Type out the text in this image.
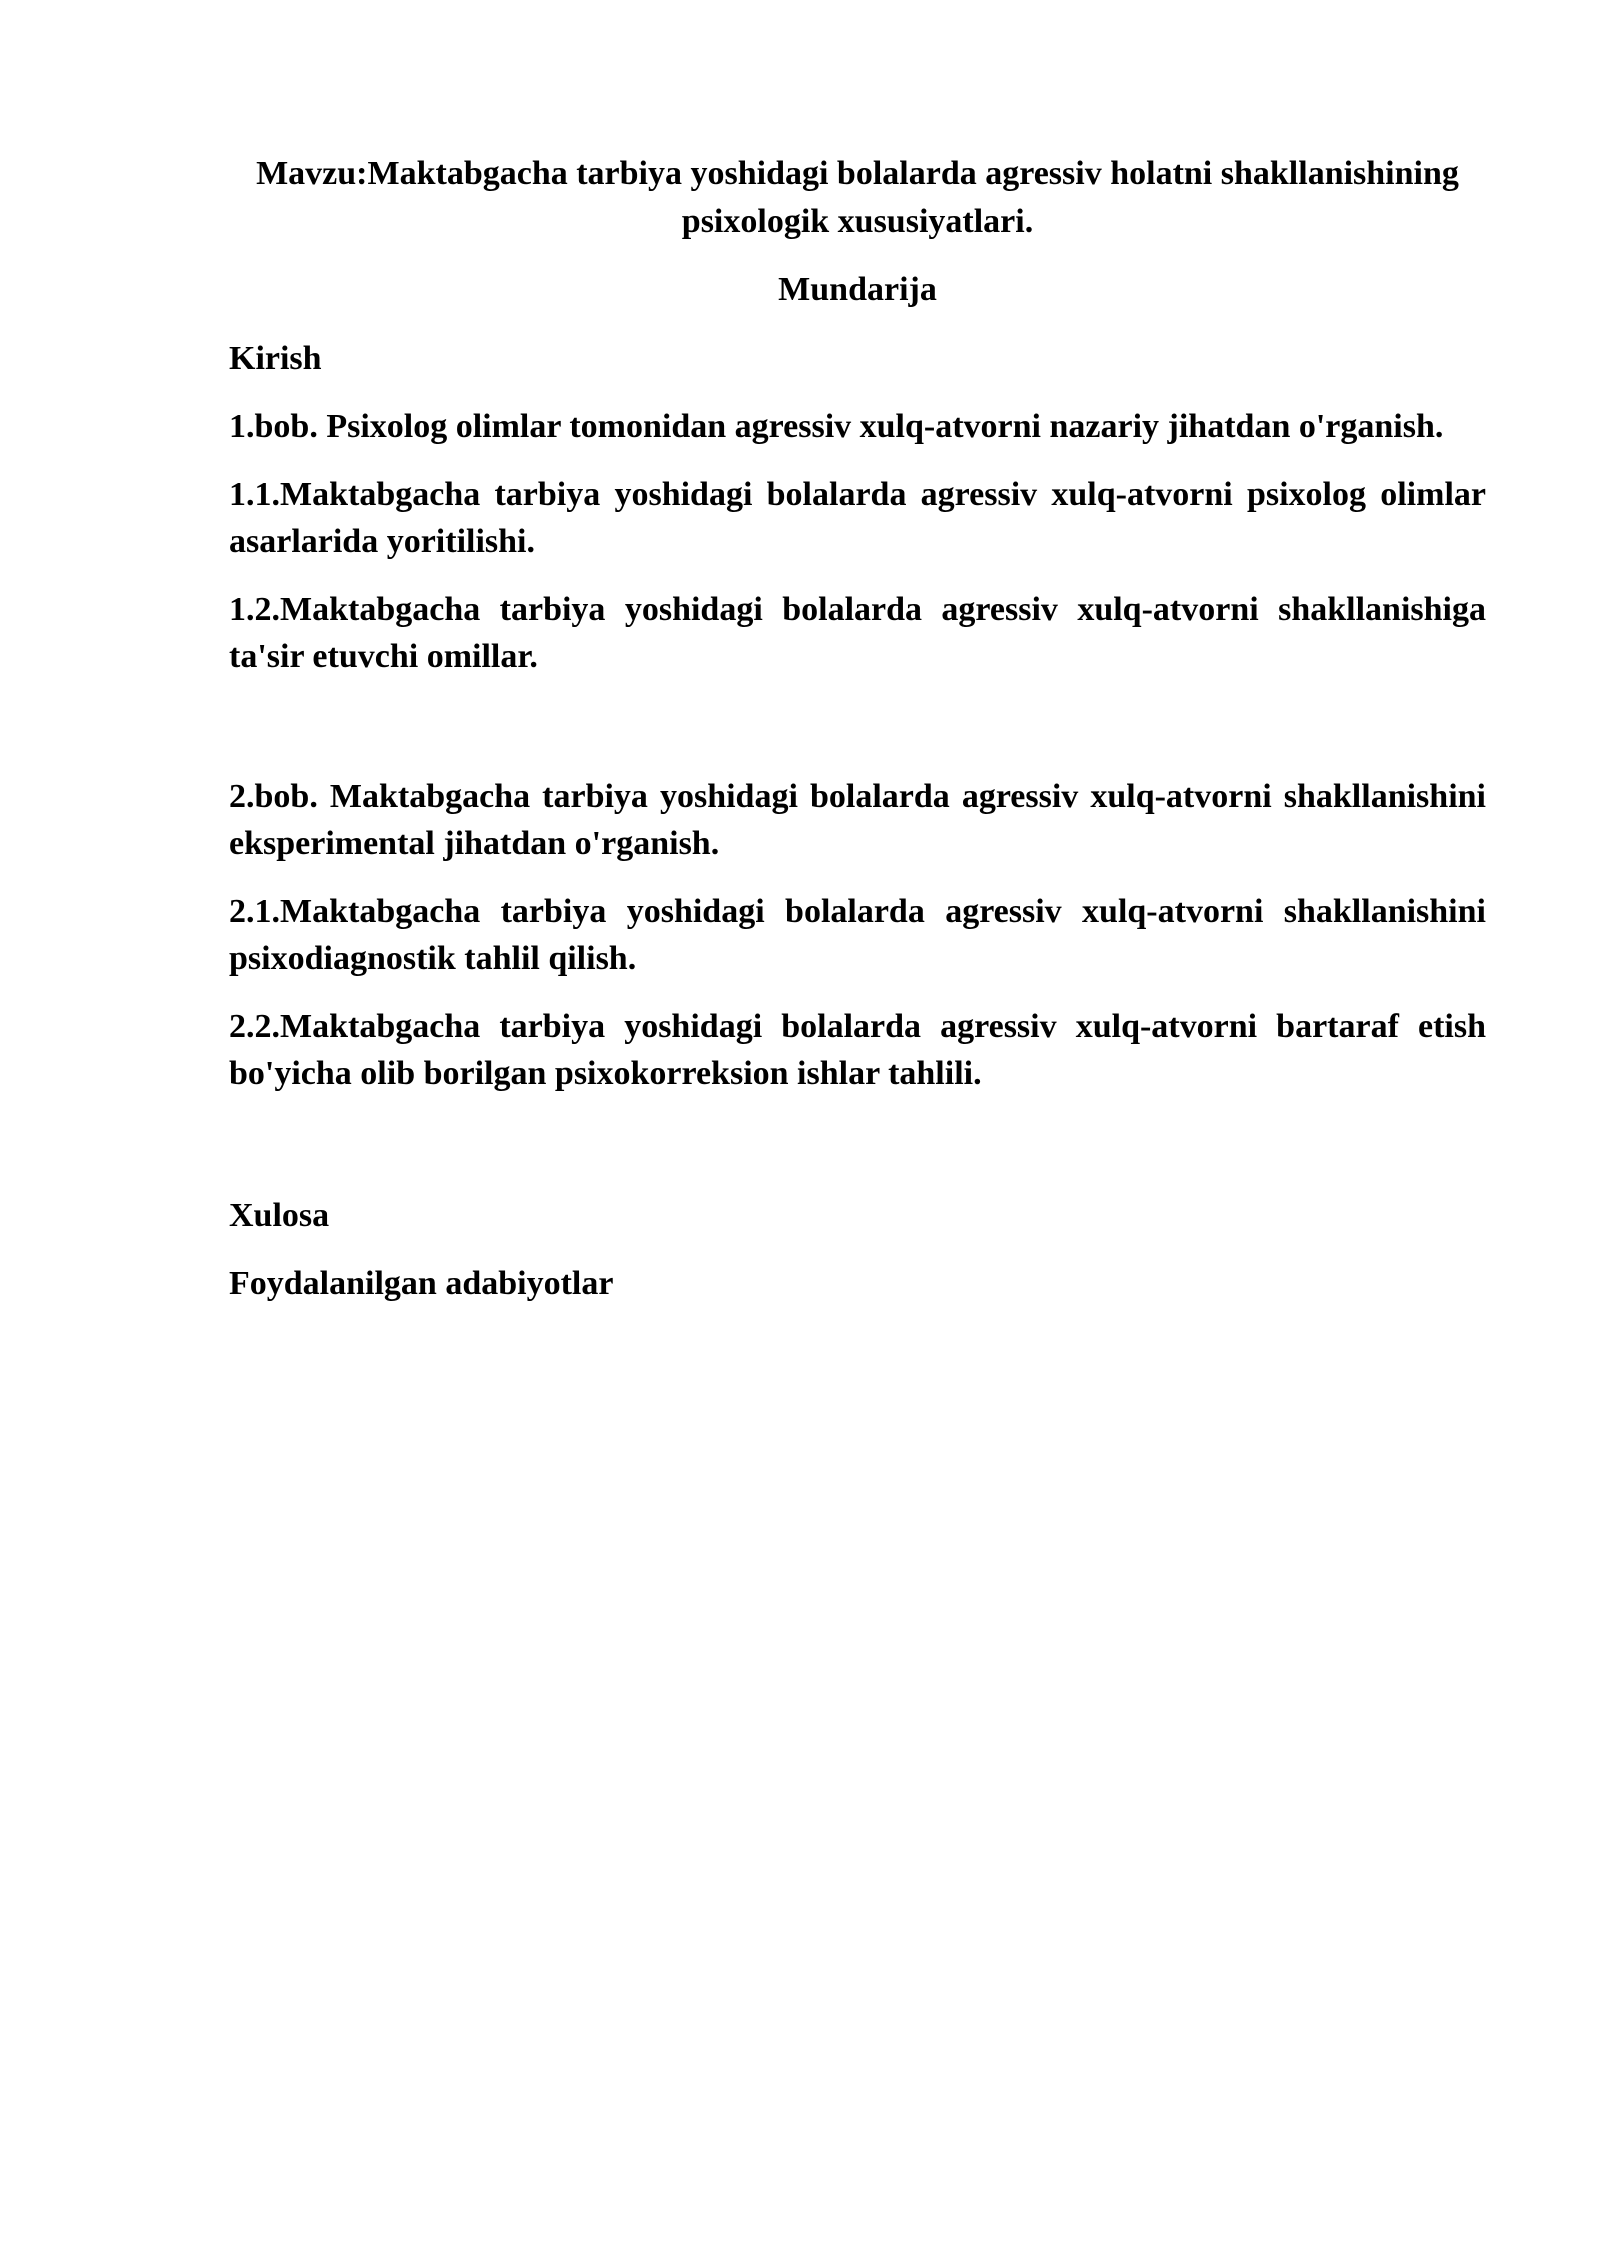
Mavzu:Maktabgacha tarbiya yoshidagi bolalarda agressiv holatni shakllanishining psixologik xususiyatlari.

Mundarija

Kirish

1.bob. Psixolog olimlar tomonidan agressiv xulq-atvorni nazariy jihatdan o'rganish.

1.1.Maktabgacha tarbiya yoshidagi bolalarda agressiv xulq-atvorni psixolog olimlar asarlarida yoritilishi.

1.2.Maktabgacha tarbiya yoshidagi bolalarda agressiv xulq-atvorni shakllanishiga ta'sir etuvchi omillar.

2.bob. Maktabgacha tarbiya yoshidagi bolalarda agressiv xulq-atvorni shakllanishini eksperimental jihatdan o'rganish.

2.1.Maktabgacha tarbiya yoshidagi bolalarda agressiv xulq-atvorni shakllanishini psixodiagnostik tahlil qilish.

2.2.Maktabgacha tarbiya yoshidagi bolalarda agressiv xulq-atvorni bartaraf etish bo'yicha olib borilgan psixokorreksion ishlar tahlili.

Xulosa

Foydalanilgan adabiyotlar
